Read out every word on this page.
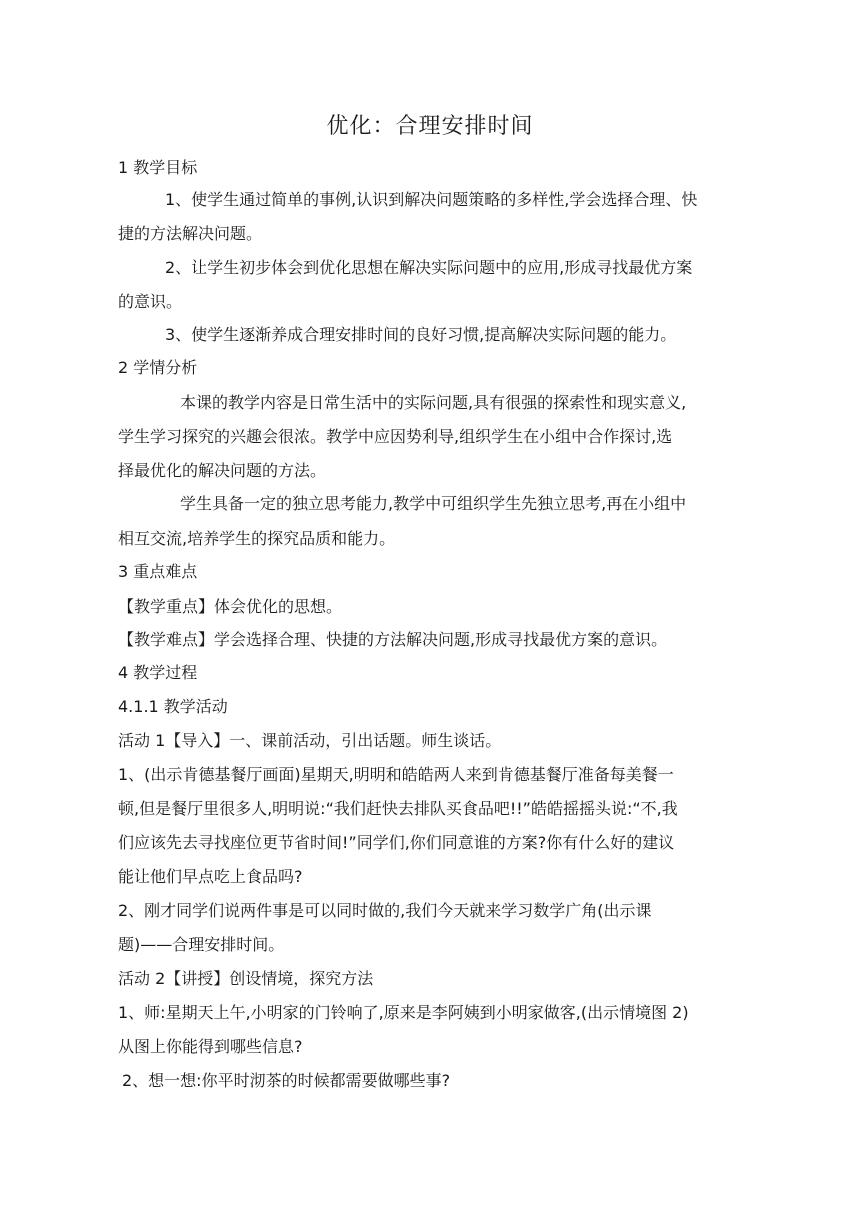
优化：合理安排时间
1 教学目标
1、使学生通过简单的事例,认识到解决问题策略的多样性,学会选择合理、快
捷的方法解决问题。
2、让学生初步体会到优化思想在解决实际问题中的应用,形成寻找最优方案
的意识。
3、使学生逐渐养成合理安排时间的良好习惯,提高解决实际问题的能力。
2 学情分析
本课的教学内容是日常生活中的实际问题,具有很强的探索性和现实意义,
学生学习探究的兴趣会很浓。教学中应因势利导,组织学生在小组中合作探讨,选
择最优化的解决问题的方法。
学生具备一定的独立思考能力,教学中可组织学生先独立思考,再在小组中
相互交流,培养学生的探究品质和能力。
3 重点难点
【教学重点】体会优化的思想。
【教学难点】学会选择合理、快捷的方法解决问题,形成寻找最优方案的意识。
4 教学过程
4.1.1 教学活动
活动 1【导入】一、课前活动，引出话题。师生谈话。
1、(出示肯德基餐厅画面)星期天,明明和皓皓两人来到肯德基餐厅准备每美餐一
顿,但是餐厅里很多人,明明说:“我们赶快去排队买食品吧!!”皓皓摇摇头说:“不,我
们应该先去寻找座位更节省时间!”同学们,你们同意谁的方案?你有什么好的建议
能让他们早点吃上食品吗?
2、刚才同学们说两件事是可以同时做的,我们今天就来学习数学广角(出示课
题)——合理安排时间。
活动 2【讲授】创设情境，探究方法
1、师:星期天上午,小明家的门铃响了,原来是李阿姨到小明家做客,(出示情境图 2)
从图上你能得到哪些信息?
2、想一想:你平时沏茶的时候都需要做哪些事?
